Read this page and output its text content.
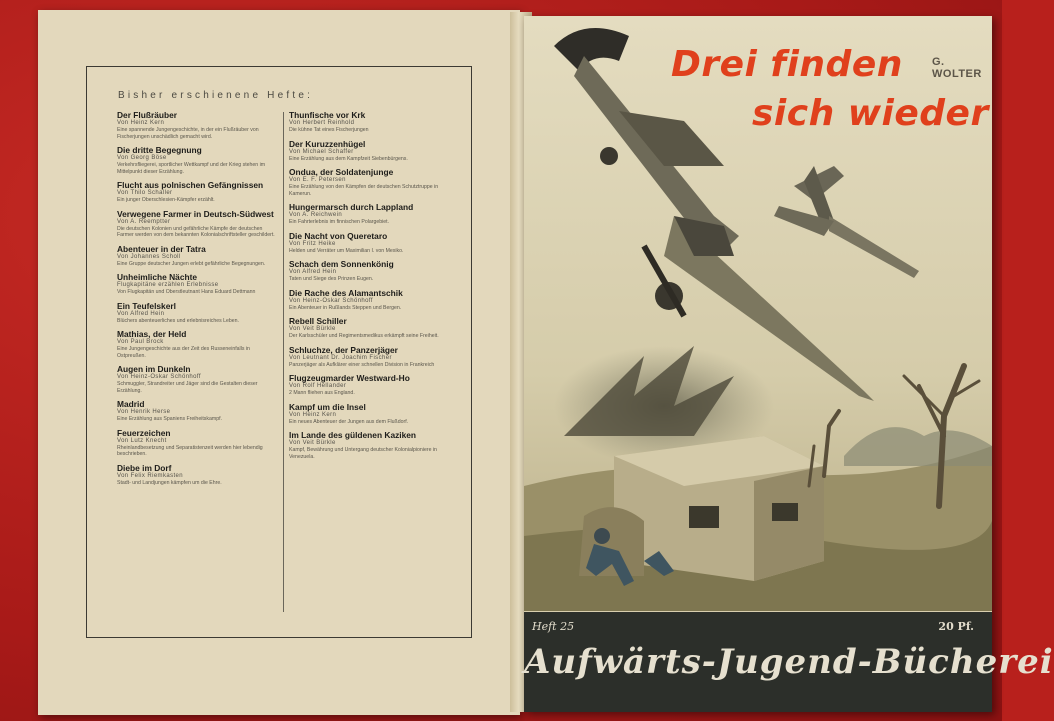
Bisher erschienene Hefte:
Der Flußräuber
Von Heinz Kern
Eine spannende Jungengeschichte, in der ein Flußräuber von Fischerjungen unschädlich gemacht wird.
Die dritte Begegnung
Von Georg Böse
Verkehrsfliegerei, sportlicher Wettkampf und der Krieg stehen im Mittelpunkt dieser Erzählung.
Flucht aus polnischen Gefängnissen
Von Thilo Schaller
Ein junger Oberschlesien-Kämpfer erzählt.
Verwegene Farmer in Deutsch-Südwest
Von A. Reemptter
Die deutschen Kolonien und gefährliche Kämpfe der deutschen Farmer werden von dem bekannten Kolonialschriftsteller geschildert.
Abenteuer in der Tatra
Von Johannes Scholl
Eine Gruppe deutscher Jungen erlebt gefährliche Begegnungen.
Unheimliche Nächte
Flugkapitäne erzählen Erlebnisse
Von Flugkapitän und Oberstleutnant Hans Eduard Dettmann
Ein Teufelskerl
Von Alfred Hein
Blüchers abenteuerliches und erlebnisreiches Leben.
Mathias, der Held
Von Paul Brock
Eine Jungengeschichte aus der Zeit des Russeneinfalls in Ostpreußen.
Augen im Dunkeln
Von Heinz-Oskar Schönhoff
Schmuggler, Strandreiter und Jäger sind die Gestalten dieser Erzählung.
Madrid
Von Henrik Herse
Eine Erzählung aus Spaniens Freiheitskampf.
Feuerzeichen
Von Lutz Knecht
Rheinlandbesetzung und Separatistenzeit werden hier lebendig beschrieben.
Diebe im Dorf
Von Felix Riemkasten
Stadt- und Landjungen kämpfen um die Ehre.
Thunfische vor Krk
Von Herbert Reinhold
Die kühne Tat eines Fischerjungen
Der Kuruzzenhügel
Von Michael Schaffer
Eine Erzählung aus dem Kampfzeit Siebenbürgens.
Ondua, der Soldatenjunge
Von E. F. Petersen
Eine Erzählung von den Kämpfen der deutschen Schutztruppe in Kamerun.
Hungermarsch durch Lappland
Von A. Reichwein
Ein Fahrterlebnis im finnischen Polargebiet.
Die Nacht von Queretaro
Von Fritz Heike
Helden und Verräter um Maximilian I. von Mexiko.
Schach dem Sonnenkönig
Von Alfred Hein
Taten und Siege des Prinzen Eugen.
Die Rache des Alamantschik
Von Heinz-Oskar Schönhoff
Ein Abenteuer in Rußlands Steppen und Bergen.
Rebell Schiller
Von Veit Bürkle
Der Karlsschüler und Regimentsmedikus erkämpft seine Freiheit.
Schluchze, der Panzerjäger
Von Leutnant Dr. Joachim Fischer
Panzerjäger als Aufklärer einer schnellen Division in Frankreich
Flugzeugmarder Westward-Ho
Von Rolf Hellander
2 Mann fliehen aus England.
Kampf um die Insel
Von Heinz Kern
Ein neues Abenteuer der Jungen aus dem Flußdorf.
Im Lande des güldenen Kaziken
Von Veit Bürkle
Kampf, Bewährung und Untergang deutscher Kolonialpioniere in Venezuela.
Drei finden
sich wieder
G. WOLTER
Heft 25	20 Pf.
Aufwärts-Jugend-Bücherei
